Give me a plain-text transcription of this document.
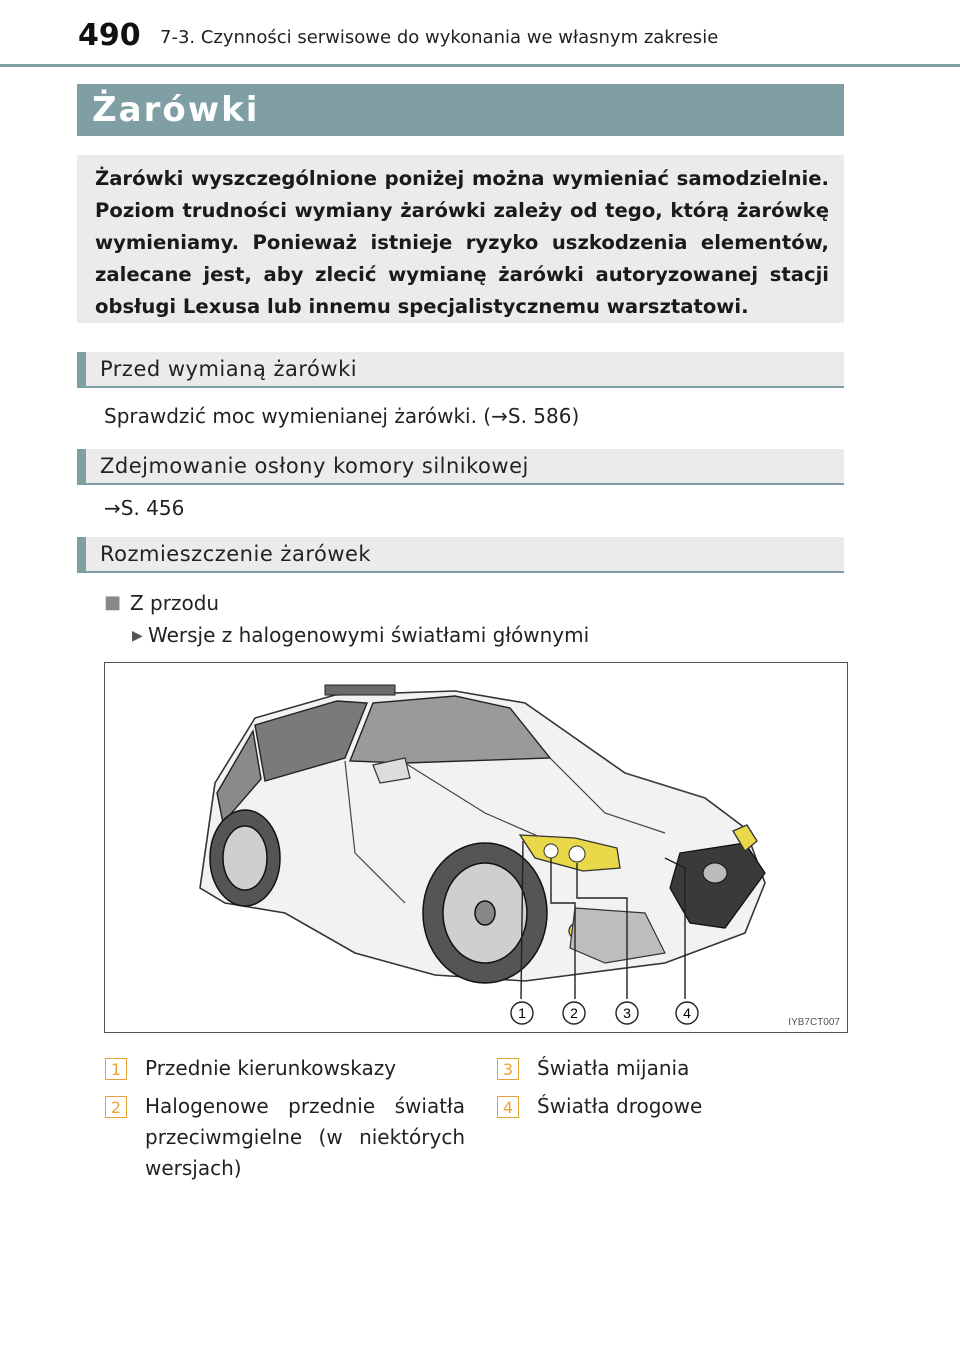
490 7-3. Czynności serwisowe do wykonania we własnym zakresie
Żarówki
Żarówki wyszczególnione poniżej można wymieniać samodzielnie. Poziom trudności wymiany żarówki zależy od tego, którą żarówkę wymieniamy. Ponieważ istnieje ryzyko uszkodzenia elementów, zalecane jest, aby zlecić wymianę żarówki autoryzowanej stacji obsługi Lexusa lub innemu specjalistycznemu warsztatowi.
Przed wymianą żarówki
Sprawdzić moc wymienianej żarówki. (→S. 586)
Zdejmowanie osłony komory silnikowej
→S. 456
Rozmieszczenie żarówek
■ Z przodu
▶ Wersje z halogenowymi światłami głównymi
1	2	3	4
IYB7CT007
1 Przednie kierunkowskazy
2 Halogenowe przednie światła przeciwmgielne (w niektórych wersjach)
3 Światła mijania
4 Światła drogowe
